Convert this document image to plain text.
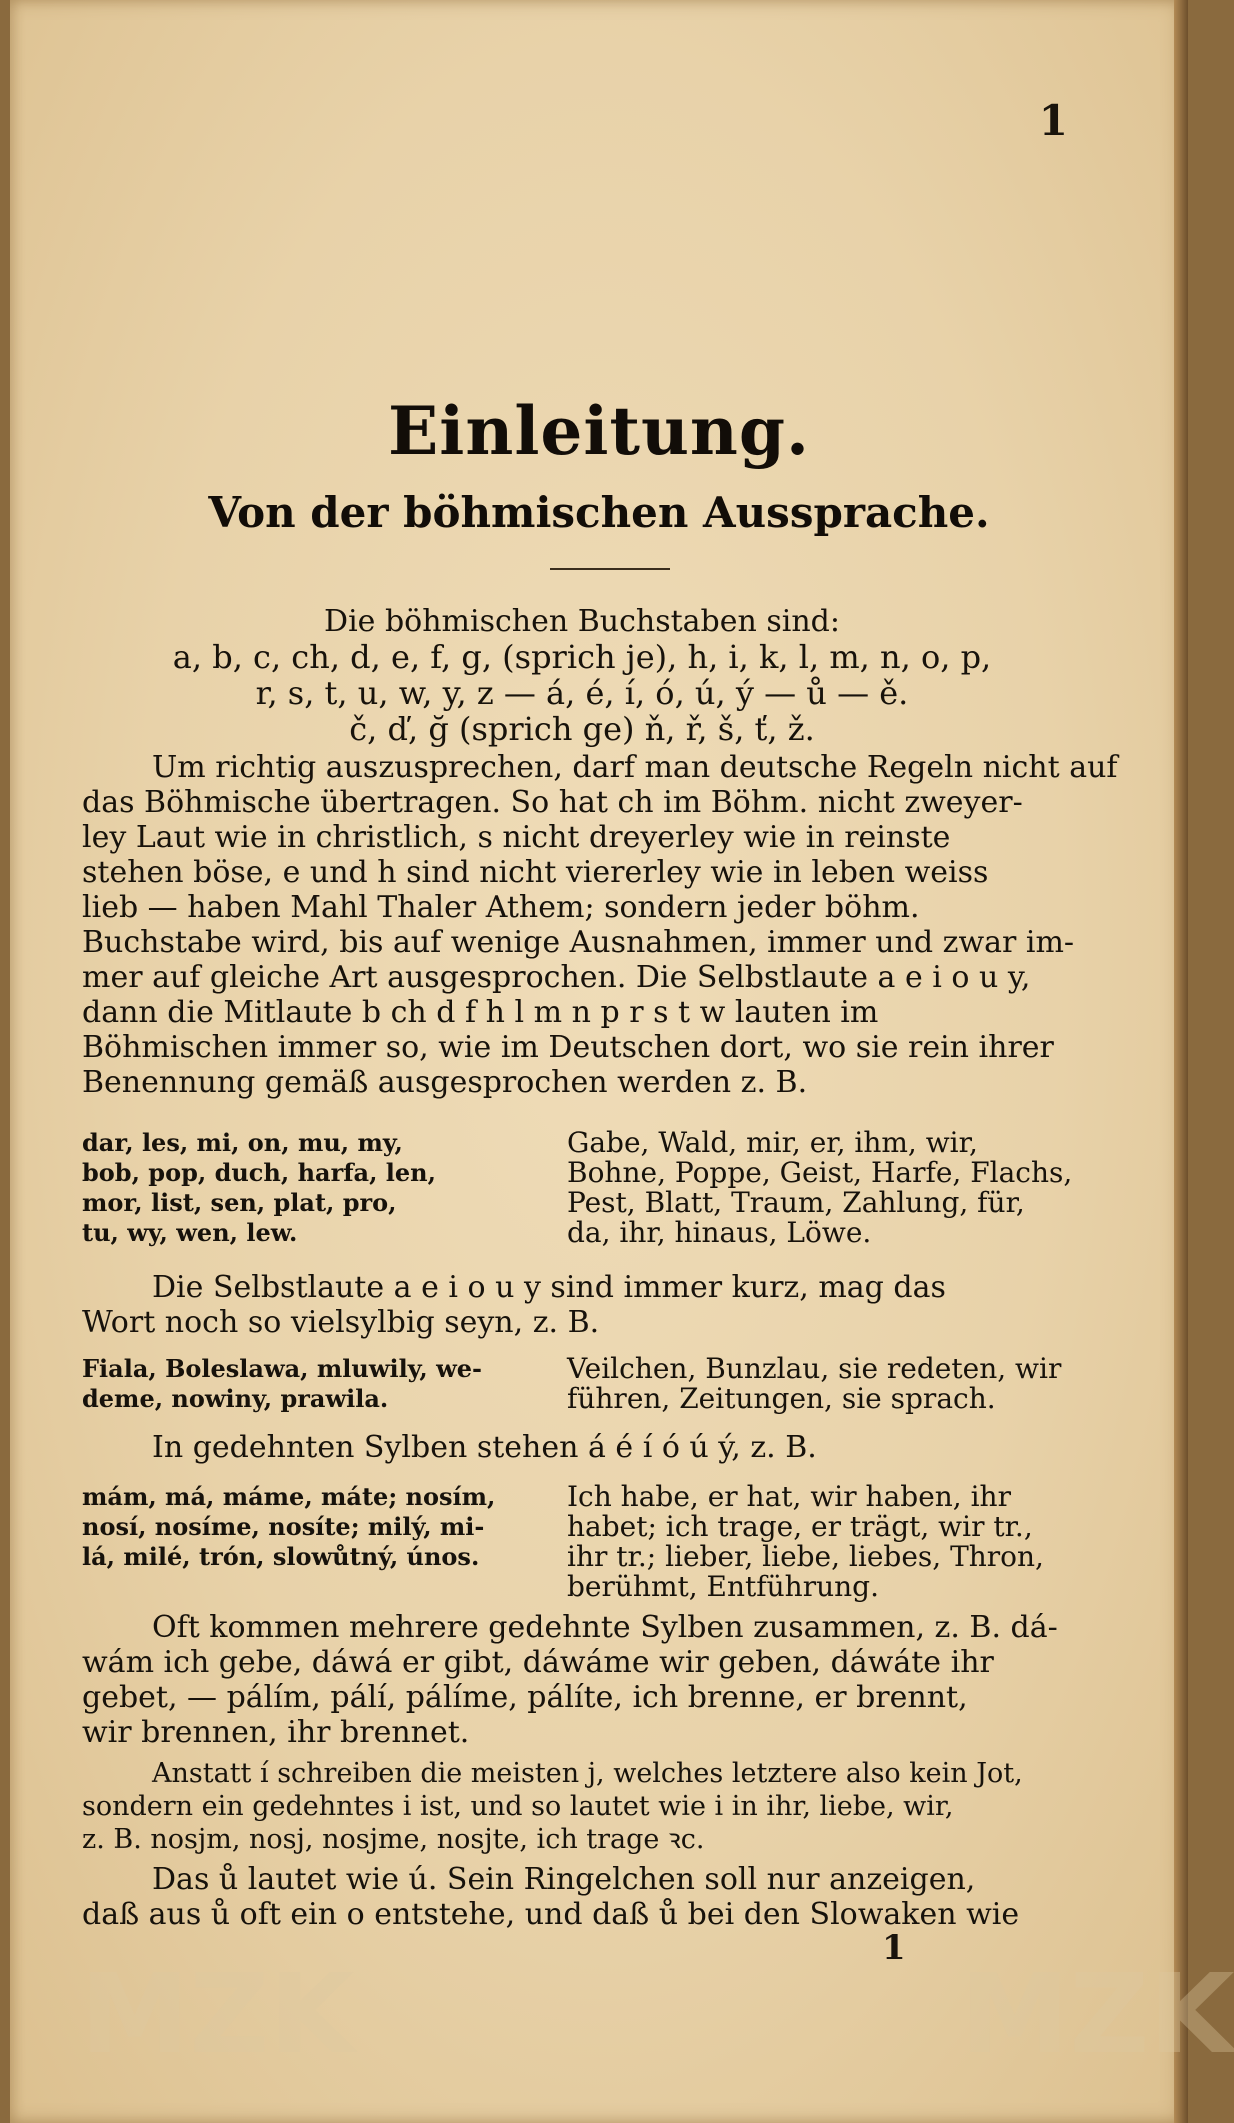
1
Einleitung.
Von der böhmischen Aussprache.
Die böhmischen Buchstaben sind:
a, b, c, ch, d, e, f, g, (sprich je), h, i, k, l, m, n, o, p,
r, s, t, u, w, y, z — á, é, í, ó, ú, ý — ů — ě.
č, ď, ğ (sprich ge) ň, ř, š, ť, ž.
Um richtig auszusprechen, darf man deutsche Regeln nicht auf
das Böhmische übertragen. So hat ch im Böhm. nicht zweyer-
ley Laut wie in christlich, s nicht dreyerley wie in reinste
stehen böse, e und h sind nicht viererley wie in leben weiss
lieb — haben Mahl Thaler Athem; sondern jeder böhm.
Buchstabe wird, bis auf wenige Ausnahmen, immer und zwar im-
mer auf gleiche Art ausgesprochen. Die Selbstlaute a e i o u y,
dann die Mitlaute b ch d f h l m n p r s t w lauten im
Böhmischen immer so, wie im Deutschen dort, wo sie rein ihrer
Benennung gemäß ausgesprochen werden z. B.
dar, les, mi, on, mu, my,
bob, pop, duch, harfa, len,
mor, list, sen, plat, pro,
tu, wy, wen, lew.
Gabe, Wald, mir, er, ihm, wir,
Bohne, Poppe, Geist, Harfe, Flachs,
Pest, Blatt, Traum, Zahlung, für,
da, ihr, hinaus, Löwe.
Die Selbstlaute a e i o u y sind immer kurz, mag das
Wort noch so vielsylbig seyn, z. B.
Fiala, Boleslawa, mluwily, we-
deme, nowiny, prawila.
Veilchen, Bunzlau, sie redeten, wir
führen, Zeitungen, sie sprach.
In gedehnten Sylben stehen á é í ó ú ý, z. B.
mám, má, máme, máte; nosím,
nosí, nosíme, nosíte; milý, mi-
lá, milé, trón, slowůtný, únos.
Ich habe, er hat, wir haben, ihr
habet; ich trage, er trägt, wir tr.,
ihr tr.; lieber, liebe, liebes, Thron,
berühmt, Entführung.
Oft kommen mehrere gedehnte Sylben zusammen, z. B. dá-
wám ich gebe, dáwá er gibt, dáwáme wir geben, dáwáte ihr
gebet, — pálím, pálí, pálíme, pálíte, ich brenne, er brennt,
wir brennen, ihr brennet.
Anstatt í schreiben die meisten j, welches letztere also kein Jot,
sondern ein gedehntes i ist, und so lautet wie i in ihr, liebe, wir,
z. B. nosjm, nosj, nosjme, nosjte, ich trage ꝛc.
Das ů lautet wie ú. Sein Ringelchen soll nur anzeigen,
daß aus ů oft ein o entstehe, und daß ů bei den Slowaken wie
1
MZK	MZK
